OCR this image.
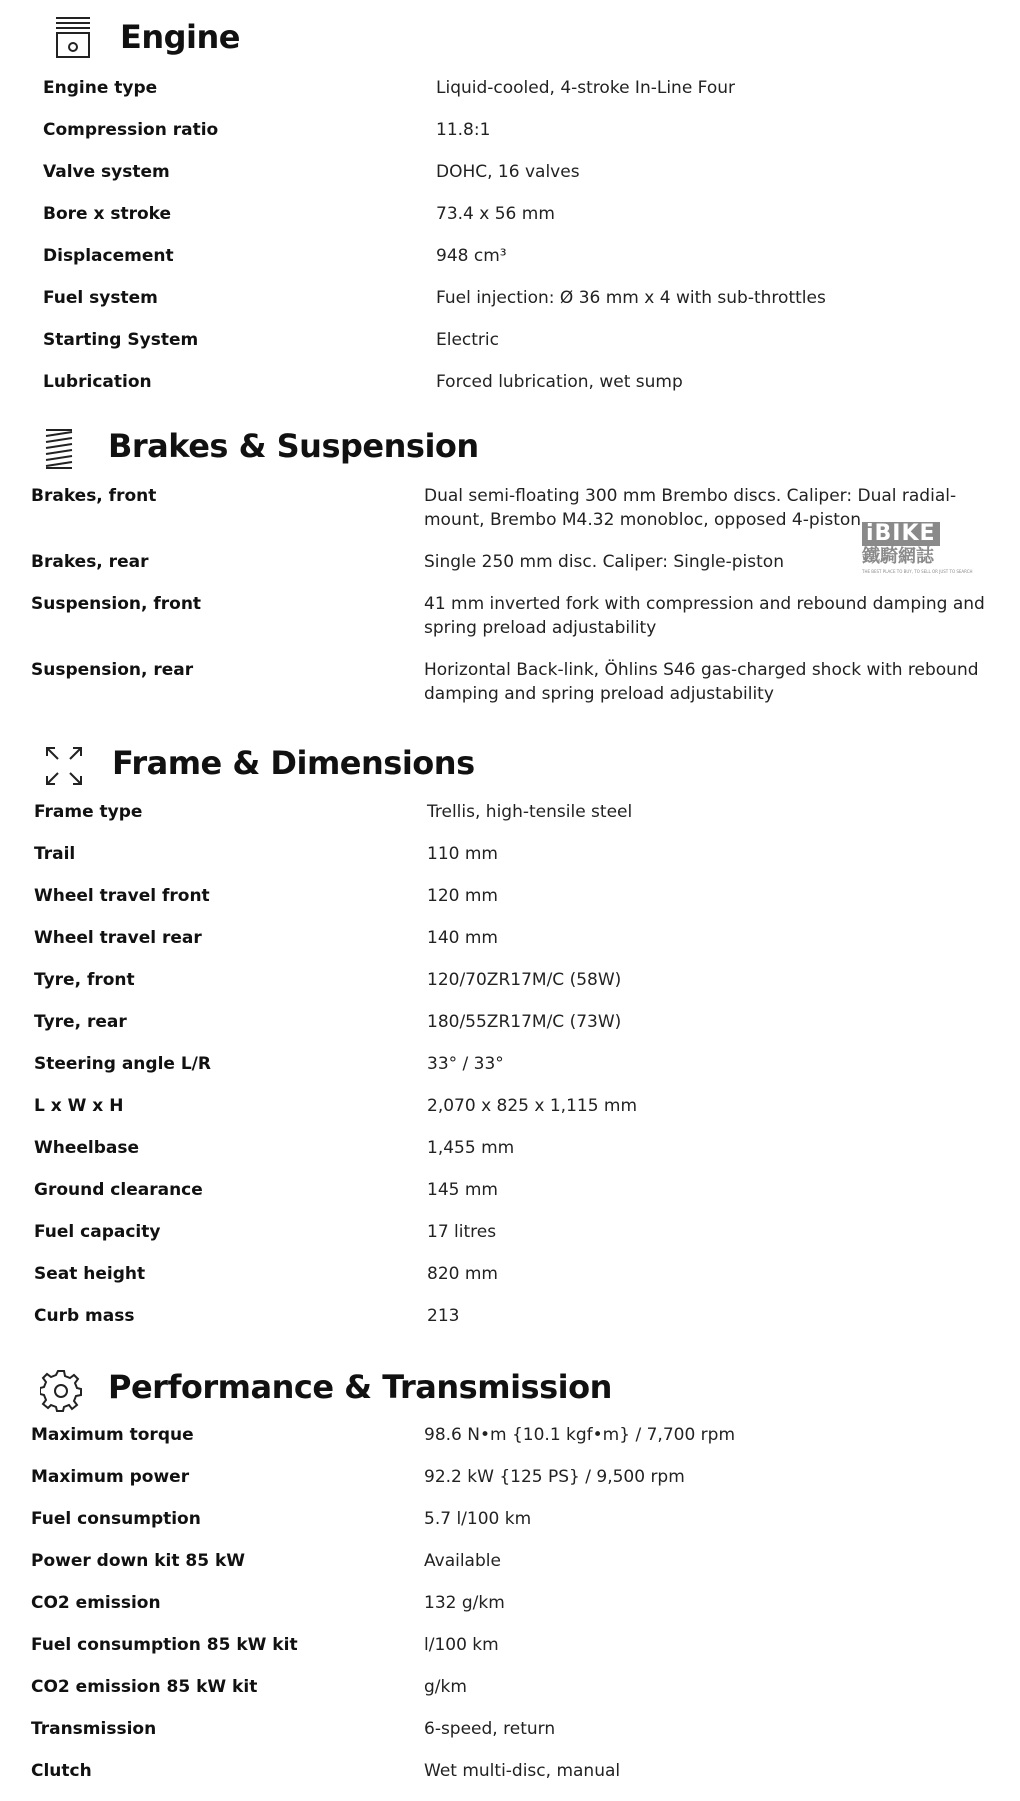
Engine
Engine type	Liquid-cooled, 4-stroke In-Line Four
Compression ratio	11.8:1
Valve system	DOHC, 16 valves
Bore x stroke	73.4 x 56 mm
Displacement	948 cm³
Fuel system	Fuel injection: Ø 36 mm x 4 with sub-throttles
Starting System	Electric
Lubrication	Forced lubrication, wet sump
Brakes & Suspension
Brakes, front	Dual semi-floating 300 mm Brembo discs. Caliper: Dual radial-mount, Brembo M4.32 monobloc, opposed 4-piston
Brakes, rear	Single 250 mm disc. Caliper: Single-piston
Suspension, front	41 mm inverted fork with compression and rebound damping and spring preload adjustability
Suspension, rear	Horizontal Back-link, Öhlins S46 gas-charged shock with rebound damping and spring preload adjustability
iBIKE
鐵騎網誌
THE BEST PLACE TO BUY, TO SELL OR JUST TO SEARCH
Frame & Dimensions
Frame type	Trellis, high-tensile steel
Trail	110 mm
Wheel travel front	120 mm
Wheel travel rear	140 mm
Tyre, front	120/70ZR17M/C (58W)
Tyre, rear	180/55ZR17M/C (73W)
Steering angle L/R	33° / 33°
L x W x H	2,070 x 825 x 1,115 mm
Wheelbase	1,455 mm
Ground clearance	145 mm
Fuel capacity	17 litres
Seat height	820 mm
Curb mass	213
Performance & Transmission
Maximum torque	98.6 N•m {10.1 kgf•m} / 7,700 rpm
Maximum power	92.2 kW {125 PS} / 9,500 rpm
Fuel consumption	5.7 l/100 km
Power down kit 85 kW	Available
CO2 emission	132 g/km
Fuel consumption 85 kW kit	l/100 km
CO2 emission 85 kW kit	g/km
Transmission	6-speed, return
Clutch	Wet multi-disc, manual
